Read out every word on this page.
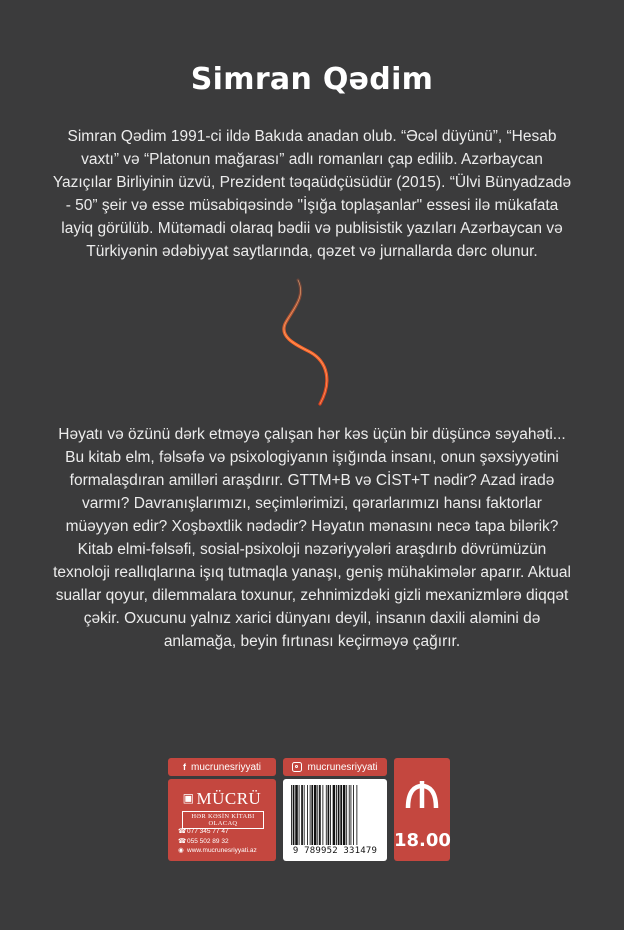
Simran Qədim
Simran Qədim 1991-ci ildə Bakıda anadan olub. “Əcəl düyünü”, “Hesab vaxtı” və “Platonun mağarası” adlı romanları çap edilib. Azərbaycan Yazıçılar Birliyinin üzvü, Prezident təqaüdçüsüdür (2015). “Ülvi Bünyadzadə - 50” şeir və esse müsabiqəsində "İşığa toplaşanlar" essesi ilə mükafata layiq görülüb. Mütəmadi olaraq bədii və publisistik yazıları Azərbaycan və Türkiyənin ədəbiyyat saytlarında, qəzet və jurnallarda dərc olunur.

Həyatı və özünü dərk etməyə çalışan hər kəs üçün bir düşüncə səyahəti... Bu kitab elm, fəlsəfə və psixologiyanın işığında insanı, onun şəxsiyyətini formalaşdıran amilləri araşdırır. GTTM+B və CİST+T nədir? Azad iradə varmı? Davranışlarımızı, seçimlərimizi, qərarlarımızı hansı faktorlar müəyyən edir? Xoşbəxtlik nədədir? Həyatın mənasını necə tapa bilərik?

Kitab elmi-fəlsəfi, sosial-psixoloji nəzəriyyələri araşdırıb dövrümüzün texnoloji reallıqlarına işıq tutmaqla yanaşı, geniş mühakimələr aparır. Aktual suallar qoyur, dilemmalara toxunur, zehnimizdəki gizli mexanizmlərə diqqət çəkir. Oxucunu yalnız xarici dünyanı deyil, insanın daxili aləmini də anlamağa, beyin fırtınası keçirməyə çağırır.

f mucrunesriyyati	mucrunesriyyati
▣ MÜCRÜ
HƏR KƏSİN KİTABI OLACAQ
☎077 345 77 47
☎055 502 89 32
◉ www.mucrunesriyyati.az	9 789952 331479 18.00
